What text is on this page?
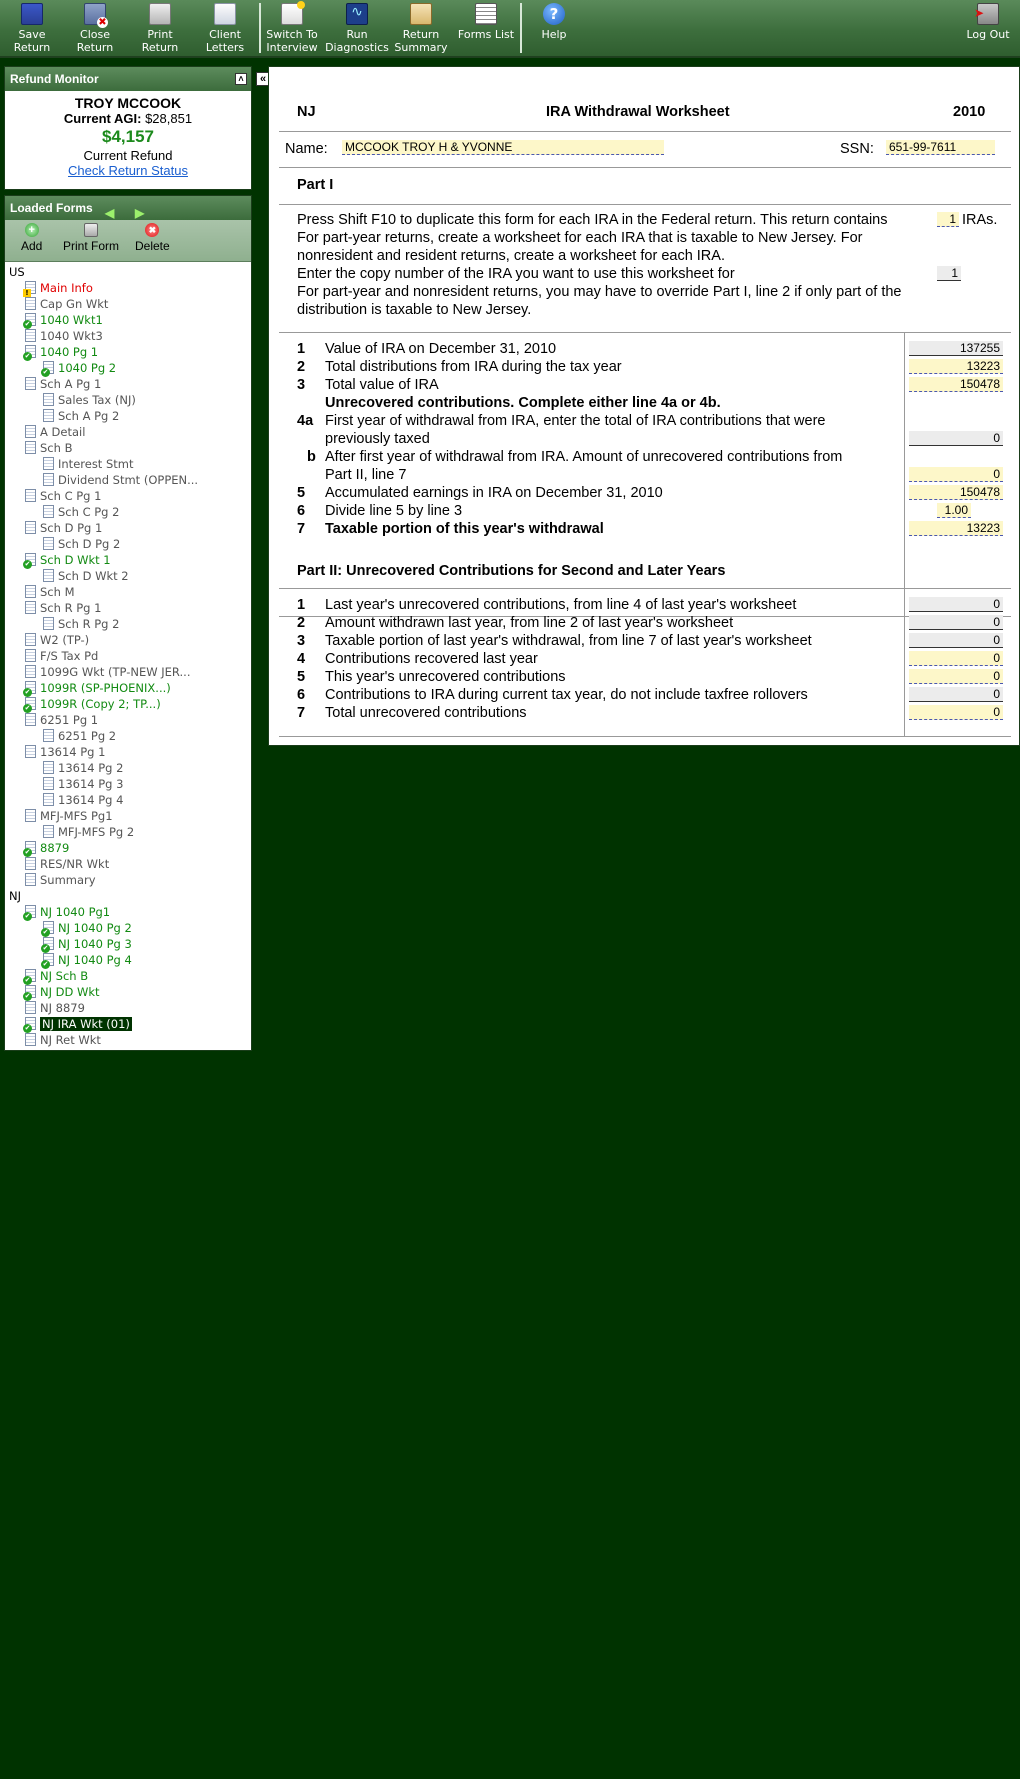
Save
Return
✖
Close
Return
Print
Return
Client
Letters
Switch To
Interview
∿
Run
Diagnostics
Return
Summary
Forms List
?
Help
➤	Log Out
Refund Monitor	˄
TROY MCCOOK
Current AGI: $28,851
$4,157
Current Refund
Check Return Status
Loaded Forms ◀ ▶
+
Add Print Form
✖
Delete
US
!Main Info
Cap Gn Wkt
✔1040 Wkt1
1040 Wkt3
✔1040 Pg 1
✔1040 Pg 2
Sch A Pg 1
Sales Tax (NJ)
Sch A Pg 2
A Detail
Sch B
Interest Stmt
Dividend Stmt (OPPEN...
Sch C Pg 1
Sch C Pg 2
Sch D Pg 1
Sch D Pg 2
✔Sch D Wkt 1
Sch D Wkt 2
Sch M
Sch R Pg 1
Sch R Pg 2
W2 (TP-)
F/S Tax Pd
1099G Wkt (TP-NEW JER...
✔1099R (SP-PHOENIX...)
✔1099R (Copy 2; TP...)
6251 Pg 1
6251 Pg 2
13614 Pg 1
13614 Pg 2
13614 Pg 3
13614 Pg 4
MFJ-MFS Pg1
MFJ-MFS Pg 2
✔8879
RES/NR Wkt
Summary
NJ
✔NJ 1040 Pg1
✔NJ 1040 Pg 2
✔NJ 1040 Pg 3
✔NJ 1040 Pg 4
✔NJ Sch B
✔NJ DD Wkt
NJ 8879
✔NJ IRA Wkt (01)
NJ Ret Wkt
«
NJ	IRA Withdrawal Worksheet	2010
Name: MCCOOK TROY H & YVONNE	SSN: 651-99-7611
Part I
Press Shift F10 to duplicate this form for each IRA in the Federal return. This return contains	1 IRAs.
For part-year returns, create a worksheet for each IRA that is taxable to New Jersey. For
nonresident and resident returns, create a worksheet for each IRA.
Enter the copy number of the IRA you want to use this worksheet for	1
For part-year and nonresident returns, you may have to override Part I, line 2 if only part of the
distribution is taxable to New Jersey.
1 Value of IRA on December 31, 2010	137255
2 Total distributions from IRA during the tax year	13223
3 Total value of IRA	150478
Unrecovered contributions. Complete either line 4a or 4b.
4a First year of withdrawal from IRA, enter the total of IRA contributions that were
previously taxed	0
b After first year of withdrawal from IRA. Amount of unrecovered contributions from
Part II, line 7	0
5 Accumulated earnings in IRA on December 31, 2010	150478
6 Divide line 5 by line 3	1.00
7 Taxable portion of this year's withdrawal	13223
Part II: Unrecovered Contributions for Second and Later Years
1 Last year's unrecovered contributions, from line 4 of last year's worksheet	0
2 Amount withdrawn last year, from line 2 of last year's worksheet	0
3 Taxable portion of last year's withdrawal, from line 7 of last year's worksheet	0
4 Contributions recovered last year	0
5 This year's unrecovered contributions	0
6 Contributions to IRA during current tax year, do not include taxfree rollovers	0
7 Total unrecovered contributions	0
